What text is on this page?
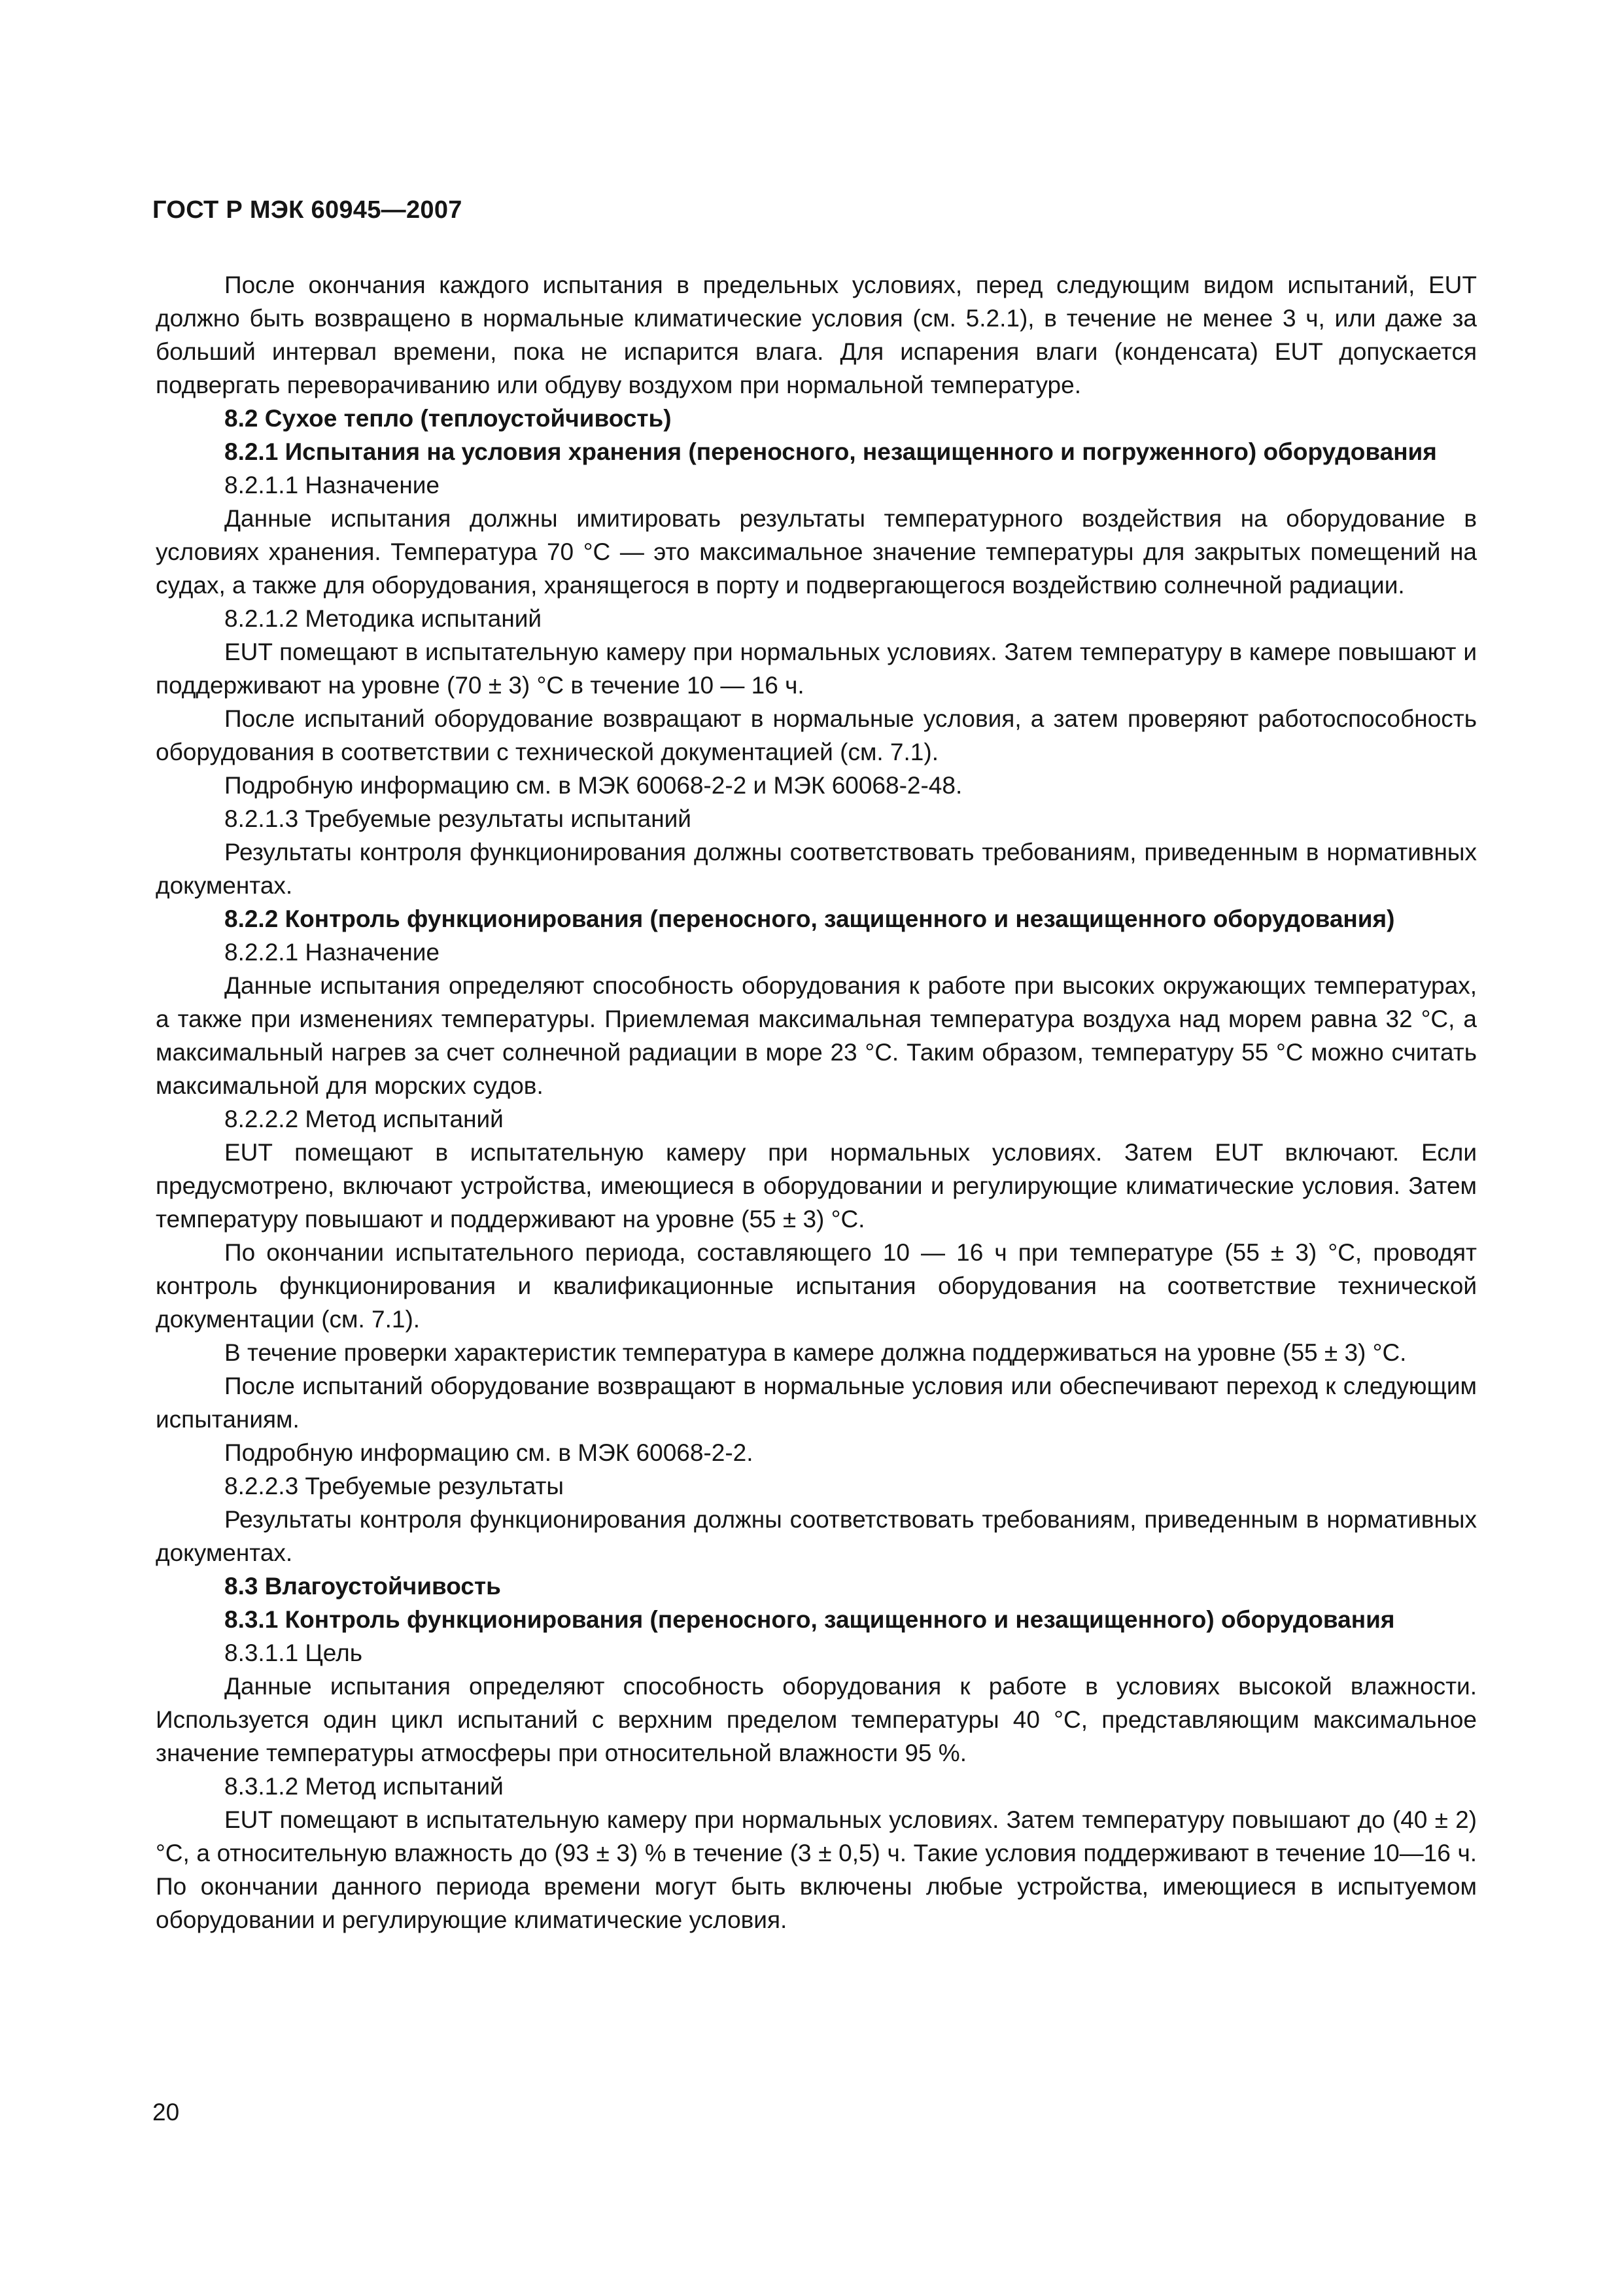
ГОСТ Р МЭК 60945—2007

После окончания каждого испытания в предельных условиях, перед следующим видом испытаний, EUT должно быть возвращено в нормальные климатические условия (см. 5.2.1), в течение не менее 3 ч, или даже за больший интервал времени, пока не испарится влага. Для испарения влаги (конденсата) EUT допускается подвергать переворачиванию или обдуву воздухом при нормальной температуре.

8.2 Сухое тепло (теплоустойчивость)

8.2.1 Испытания на условия хранения (переносного, незащищенного и погруженного) оборудования

8.2.1.1 Назначение

Данные испытания должны имитировать результаты температурного воздействия на оборудование в условиях хранения. Температура 70 °С — это максимальное значение температуры для закрытых помещений на судах, а также для оборудования, хранящегося в порту и подвергающегося воздействию солнечной радиации.

8.2.1.2 Методика испытаний

EUT помещают в испытательную камеру при нормальных условиях. Затем температуру в камере повышают и поддерживают на уровне (70 ± 3) °С в течение 10 — 16 ч.

После испытаний оборудование возвращают в нормальные условия, а затем проверяют работоспособность оборудования в соответствии с технической документацией (см. 7.1).

Подробную информацию см. в МЭК 60068-2-2 и МЭК 60068-2-48.

8.2.1.3 Требуемые результаты испытаний

Результаты контроля функционирования должны соответствовать требованиям, приведенным в нормативных документах.

8.2.2 Контроль функционирования (переносного, защищенного и незащищенного оборудования)

8.2.2.1 Назначение

Данные испытания определяют способность оборудования к работе при высоких окружающих температурах, а также при изменениях температуры. Приемлемая максимальная температура воздуха над морем равна 32 °С, а максимальный нагрев за счет солнечной радиации в море 23 °С. Таким образом, температуру 55 °С можно считать максимальной для морских судов.

8.2.2.2 Метод испытаний

EUT помещают в испытательную камеру при нормальных условиях. Затем EUT включают. Если предусмотрено, включают устройства, имеющиеся в оборудовании и регулирующие климатические условия. Затем температуру повышают и поддерживают на уровне (55 ± 3) °С.

По окончании испытательного периода, составляющего 10 — 16 ч при температуре (55 ± 3) °С, проводят контроль функционирования и квалификационные испытания оборудования на соответствие технической документации (см. 7.1).

В течение проверки характеристик температура в камере должна поддерживаться на уровне (55 ± 3) °С.

После испытаний оборудование возвращают в нормальные условия или обеспечивают переход к следующим испытаниям.

Подробную информацию см. в МЭК 60068-2-2.

8.2.2.3 Требуемые результаты

Результаты контроля функционирования должны соответствовать требованиям, приведенным в нормативных документах.

8.3 Влагоустойчивость

8.3.1 Контроль функционирования (переносного, защищенного и незащищенного) оборудования

8.3.1.1 Цель

Данные испытания определяют способность оборудования к работе в условиях высокой влажности. Используется один цикл испытаний с верхним пределом температуры 40 °С, представляющим максимальное значение температуры атмосферы при относительной влажности 95 %.

8.3.1.2 Метод испытаний

EUT помещают в испытательную камеру при нормальных условиях. Затем температуру повышают до (40 ± 2) °С, а относительную влажность до (93 ± 3) % в течение (3 ± 0,5) ч. Такие условия поддерживают в течение 10—16 ч. По окончании данного периода времени могут быть включены любые устройства, имеющиеся в испытуемом оборудовании и регулирующие климатические условия.

20
